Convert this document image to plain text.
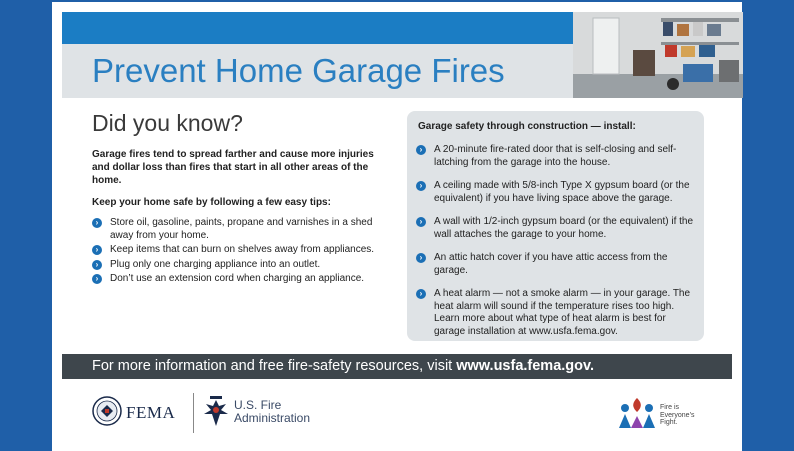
Prevent Home Garage Fires
Did you know?
Garage fires tend to spread farther and cause more injuries and dollar loss than fires that start in all other areas of the home.
Keep your home safe by following a few easy tips:
›	Store oil, gasoline, paints, propane and varnishes in a shed away from your home.
›	Keep items that can burn on shelves away from appliances.
›	Plug only one charging appliance into an outlet.
›	Don’t use an extension cord when charging an appliance.
Garage safety through construction — install:
›	A 20-minute fire-rated door that is self-closing and self-latching from the garage into the house.
›	A ceiling made with 5/8-inch Type X gypsum board (or the equivalent) if you have living space above the garage.
›	A wall with 1/2-inch gypsum board (or the equivalent) if the wall attaches the garage to your home.
›	An attic hatch cover if you have attic access from the garage.
›	A heat alarm — not a smoke alarm — in your garage. The heat alarm will sound if the temperature rises too high. Learn more about what type of heat alarm is best for garage installation at www.usfa.fema.gov.
For more information and free fire-safety resources, visit www.usfa.fema.gov.
FEMA	U.S. Fire
Administration
Fire is
Everyone’s
Fight.
